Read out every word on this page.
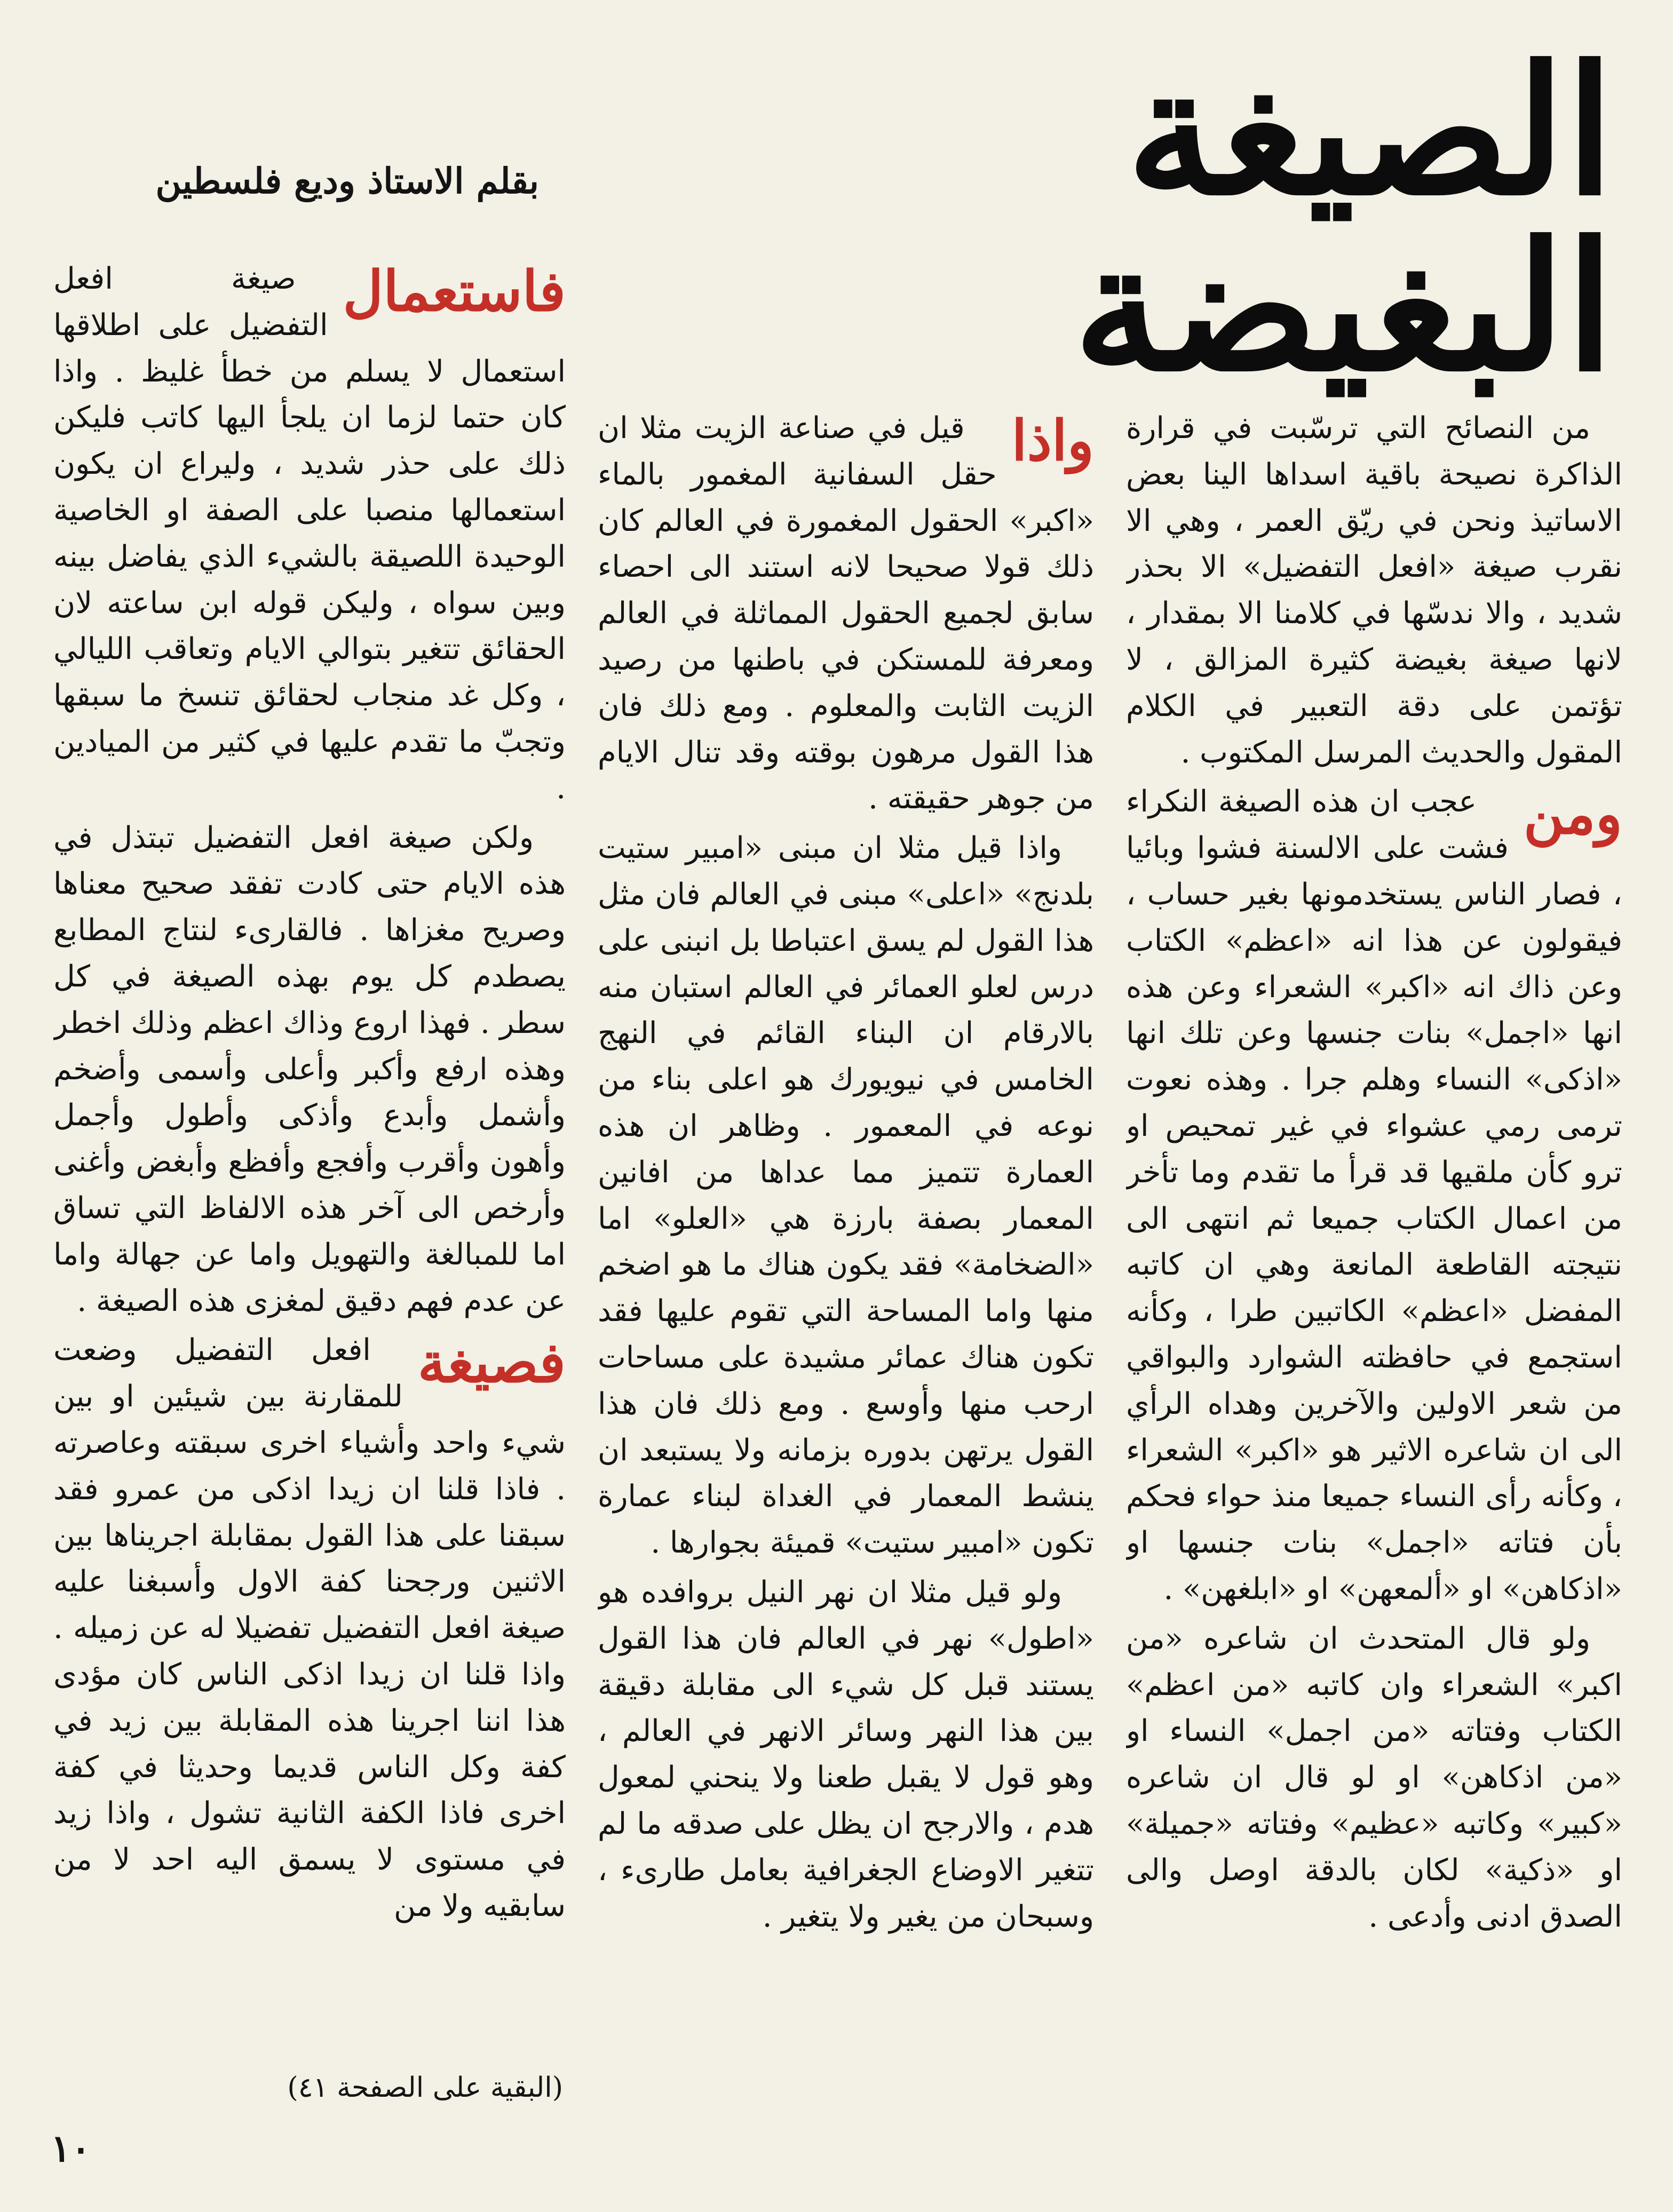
الصيغة البغيضة
بقلم الاستاذ وديع فلسطين

من النصائح التي ترسّبت في قرارة الذاكرة نصيحة باقية اسداها الينا بعض الاساتيذ ونحن في ريّق العمر ، وهي الا نقرب صيغة «افعل التفضيل» الا بحذر شديد ، والا ندسّها في كلامنا الا بمقدار ، لانها صيغة بغيضة كثيرة المزالق ، لا تؤتمن على دقة التعبير في الكلام المقول والحديث المرسل المكتوب .

ومن

عجب ان هذه الصيغة النكراء فشت على الالسنة فشوا وبائيا ، فصار الناس يستخدمونها بغير حساب ، فيقولون عن هذا انه «اعظم» الكتاب وعن ذاك انه «اكبر» الشعراء وعن هذه انها «اجمل» بنات جنسها وعن تلك انها «اذكى» النساء وهلم جرا . وهذه نعوت ترمى رمي عشواء في غير تمحيص او ترو كأن ملقيها قد قرأ ما تقدم وما تأخر من اعمال الكتاب جميعا ثم انتهى الى نتيجته القاطعة المانعة وهي ان كاتبه المفضل «اعظم» الكاتبين طرا ، وكأنه استجمع في حافظته الشوارد والبواقي من شعر الاولين والآخرين وهداه الرأي الى ان شاعره الاثير هو «اكبر» الشعراء ، وكأنه رأى النساء جميعا منذ حواء فحكم بأن فتاته «اجمل» بنات جنسها او «اذكاهن» او «ألمعهن» او «ابلغهن» .

ولو قال المتحدث ان شاعره «من اكبر» الشعراء وان كاتبه «من اعظم» الكتاب وفتاته «من اجمل» النساء او «من اذكاهن» او لو قال ان شاعره «كبير» وكاتبه «عظيم» وفتاته «جميلة» او «ذكية» لكان بالدقة اوصل والى الصدق ادنى وأدعى .

واذا

قيل في صناعة الزيت مثلا ان حقل السفانية المغمور بالماء «اكبر» الحقول المغمورة في العالم كان ذلك قولا صحيحا لانه استند الى احصاء سابق لجميع الحقول المماثلة في العالم ومعرفة للمستكن في باطنها من رصيد الزيت الثابت والمعلوم . ومع ذلك فان هذا القول مرهون بوقته وقد تنال الايام من جوهر حقيقته .

واذا قيل مثلا ان مبنى «امبير ستيت بلدنج» «اعلى» مبنى في العالم فان مثل هذا القول لم يسق اعتباطا بل انبنى على درس لعلو العمائر في العالم استبان منه بالارقام ان البناء القائم في النهج الخامس في نيويورك هو اعلى بناء من نوعه في المعمور . وظاهر ان هذه العمارة تتميز مما عداها من افانين المعمار بصفة بارزة هي «العلو» اما «الضخامة» فقد يكون هناك ما هو اضخم منها واما المساحة التي تقوم عليها فقد تكون هناك عمائر مشيدة على مساحات ارحب منها وأوسع . ومع ذلك فان هذا القول يرتهن بدوره بزمانه ولا يستبعد ان ينشط المعمار في الغداة لبناء عمارة تكون «امبير ستيت» قميئة بجوارها .

ولو قيل مثلا ان نهر النيل بروافده هو «اطول» نهر في العالم فان هذا القول يستند قبل كل شيء الى مقابلة دقيقة بين هذا النهر وسائر الانهر في العالم ، وهو قول لا يقبل طعنا ولا ينحني لمعول هدم ، والارجح ان يظل على صدقه ما لم تتغير الاوضاع الجغرافية بعامل طارىء ، وسبحان من يغير ولا يتغير .

فاستعمال

صيغة افعل التفضيل على اطلاقها استعمال لا يسلم من خطأ غليظ . واذا كان حتما لزما ان يلجأ اليها كاتب فليكن ذلك على حذر شديد ، وليراع ان يكون استعمالها منصبا على الصفة او الخاصية الوحيدة اللصيقة بالشيء الذي يفاضل بينه وبين سواه ، وليكن قوله ابن ساعته لان الحقائق تتغير بتوالي الايام وتعاقب الليالي ، وكل غد منجاب لحقائق تنسخ ما سبقها وتجبّ ما تقدم عليها في كثير من الميادين .

ولكن صيغة افعل التفضيل تبتذل في هذه الايام حتى كادت تفقد صحيح معناها وصريح مغزاها . فالقارىء لنتاج المطابع يصطدم كل يوم بهذه الصيغة في كل سطر . فهذا اروع وذاك اعظم وذلك اخطر وهذه ارفع وأكبر وأعلى وأسمى وأضخم وأشمل وأبدع وأذكى وأطول وأجمل وأهون وأقرب وأفجع وأفظع وأبغض وأغنى وأرخص الى آخر هذه الالفاظ التي تساق اما للمبالغة والتهويل واما عن جهالة واما عن عدم فهم دقيق لمغزى هذه الصيغة .

فصيغة

افعل التفضيل وضعت للمقارنة بين شيئين او بين شيء واحد وأشياء اخرى سبقته وعاصرته . فاذا قلنا ان زيدا اذكى من عمرو فقد سبقنا على هذا القول بمقابلة اجريناها بين الاثنين ورجحنا كفة الاول وأسبغنا عليه صيغة افعل التفضيل تفضيلا له عن زميله . واذا قلنا ان زيدا اذكى الناس كان مؤدى هذا اننا اجرينا هذه المقابلة بين زيد في كفة وكل الناس قديما وحديثا في كفة اخرى فاذا الكفة الثانية تشول ، واذا زيد في مستوى لا يسمق اليه احد لا من سابقيه ولا من

(البقية على الصفحة ٤١)
١٠
